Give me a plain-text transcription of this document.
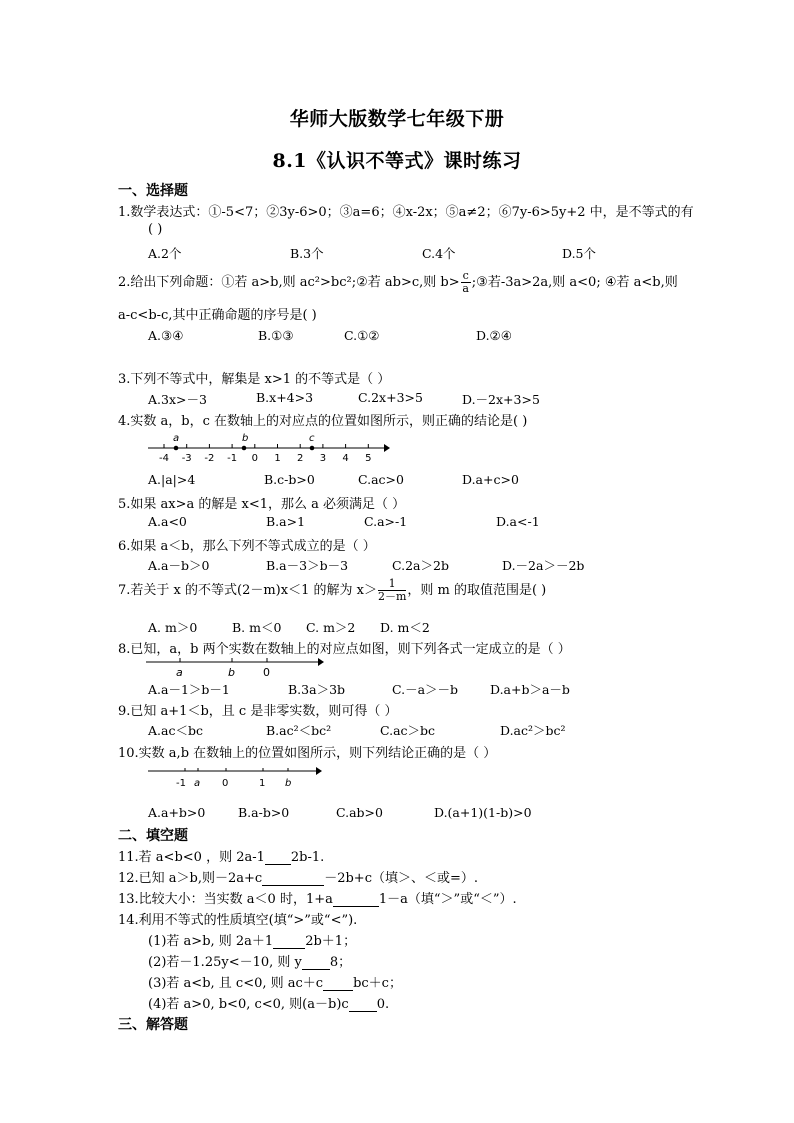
华师大版数学七年级下册
8.1《认识不等式》课时练习
一、选择题
1.数学表达式：①-5<7；②3y-6>0；③a=6；④x-2x；⑤a≠2；⑥7y-6>5y+2 中，是不等式的有
( )
A.2个	B.3个	C.4个	D.5个
2.给出下列命题：①若 a>b,则 ac²>bc²;②若 ab>c,则 $b> \frac{c}{a}$ ;③若-3a>2a,则 a<0; ④若 a<b,则
a-c<b-c,其中正确命题的序号是( )
A.③④	B.①③	C.①②	D.②④
3.下列不等式中，解集是 x>1 的不等式是（ ）
A.3x>－3	B.x+4>3	C.2x+3>5	D.－2x+3>5
4.实数 a，b，c 在数轴上的对应点的位置如图所示，则正确的结论是( )
-4 -3 -2 -1 0 1 2 3 4 5
a	b	c
A.|a|>4	B.c-b>0	C.ac>0	D.a+c>0
5.如果 ax>a 的解是 x<1，那么 a 必须满足（ ）
A.a<0	B.a>1	C.a>-1	D.a<-1
6.如果 a＜b，那么下列不等式成立的是（ ）
A.a－b＞0	B.a－3＞b－3	C.2a＞2b	D.－2a＞－2b
7.若关于 x 的不等式(2－m)x＜1 的解为 $x> \frac{1}{2-m}$ ，则 m 的取值范围是( )
A. m＞0	B. m＜0 C. m＞2 D. m＜2
8.已知，a，b 两个实数在数轴上的对应点如图，则下列各式一定成立的是（ ）
a	b	0
A.a－1＞b－1	B.3a＞3b	C.－a＞－b	D.a+b＞a－b
9.已知 a+1＜b，且 c 是非零实数，则可得（ ）
A.ac＜bc	B.ac²＜bc²	C.ac＞bc	D.ac²＞bc²
10.实数 a,b 在数轴上的位置如图所示，则下列结论正确的是（ ）
-1 a 0	1 b
A.a+b>0	B.a-b>0	C.ab>0	D.(a+1)(1-b)>0
二、填空题
11.若 a<b<0 ，则 2a-1 2b-1.
12.已知 a＞b,则－2a+c	－2b+c（填＞、＜或=）.
13.比较大小：当实数 a＜0 时，1+a	1－a（填“＞”或“＜”）.
14.利用不等式的性质填空(填“>”或“<”).
(1)若 a>b, 则 2a＋1 2b＋1；
(2)若－1.25y<－10, 则 y 8；
(3)若 a<b, 且 c<0, 则 ac＋c bc＋c；
(4)若 a>0, b<0, c<0, 则(a－b)c 0.
三、解答题
